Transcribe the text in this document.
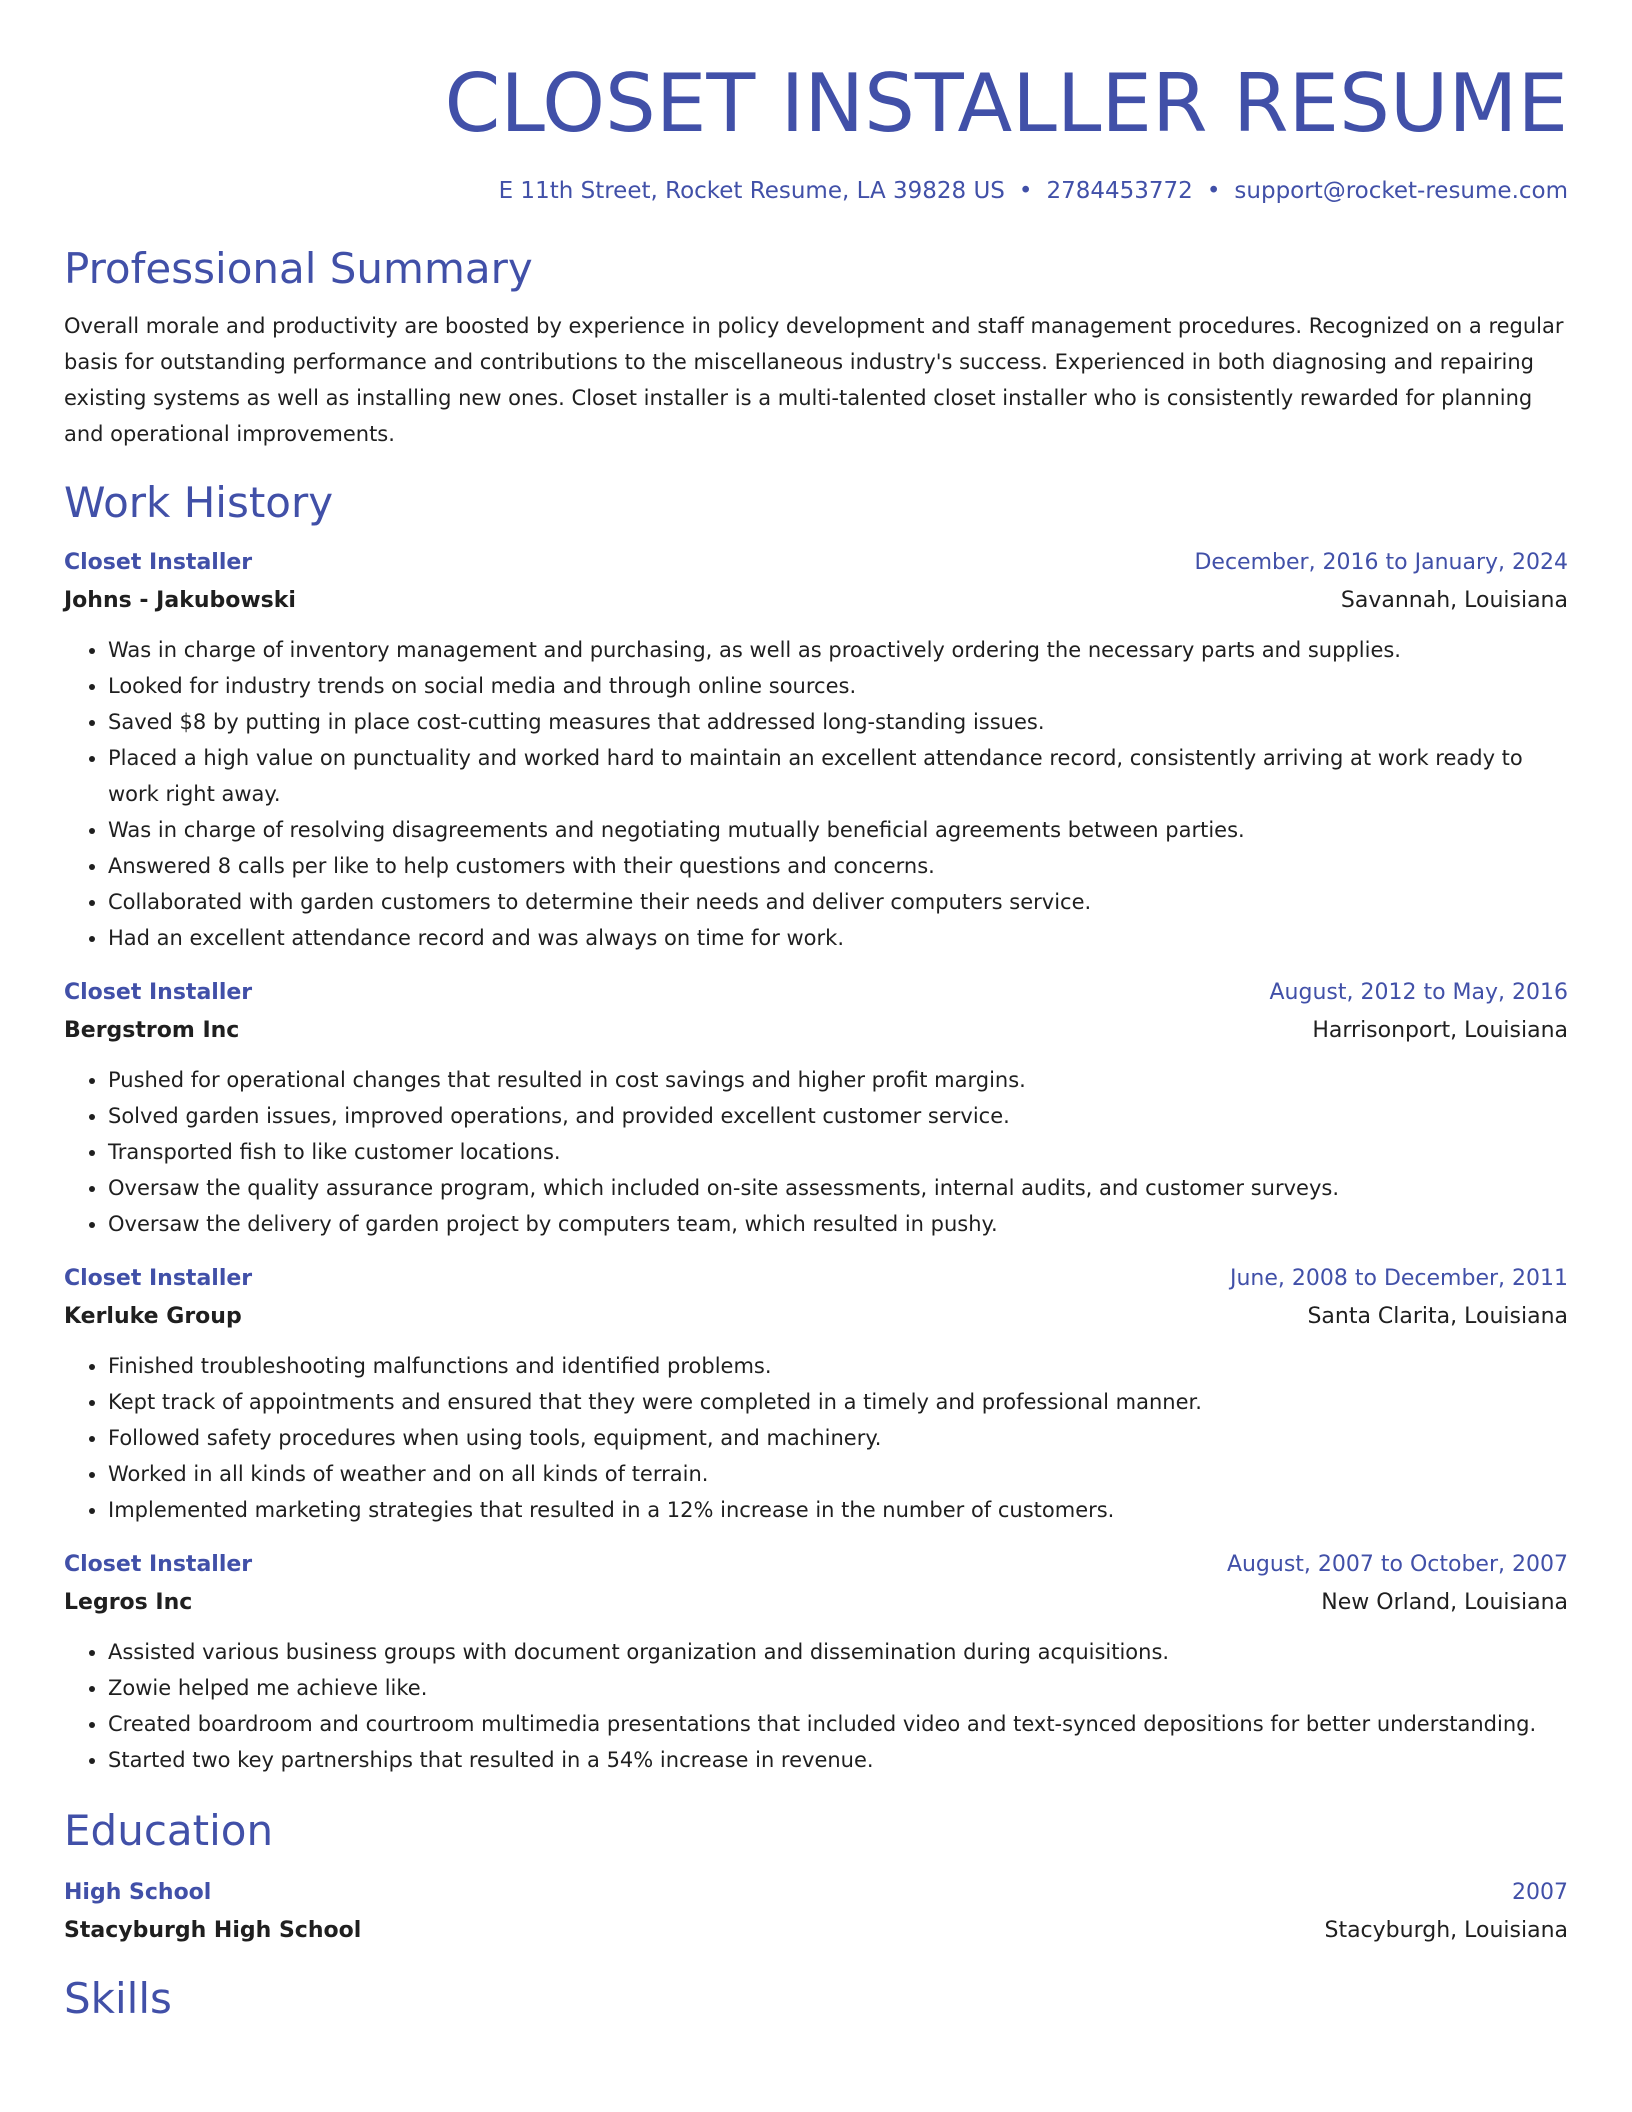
CLOSET INSTALLER RESUME
E 11th Street, Rocket Resume, LA 39828 US • 2784453772 • support@rocket-resume.com
Professional Summary
Overall morale and productivity are boosted by experience in policy development and staff management procedures. Recognized on a regular basis for outstanding performance and contributions to the miscellaneous industry's success. Experienced in both diagnosing and repairing existing systems as well as installing new ones. Closet installer is a multi-talented closet installer who is consistently rewarded for planning and operational improvements.
Work History
Closet Installer	December, 2016 to January, 2024
Johns - Jakubowski	Savannah, Louisiana
• Was in charge of inventory management and purchasing, as well as proactively ordering the necessary parts and supplies.
• Looked for industry trends on social media and through online sources.
• Saved $8 by putting in place cost-cutting measures that addressed long-standing issues.
• Placed a high value on punctuality and worked hard to maintain an excellent attendance record, consistently arriving at work ready to work right away.
• Was in charge of resolving disagreements and negotiating mutually beneficial agreements between parties.
• Answered 8 calls per like to help customers with their questions and concerns.
• Collaborated with garden customers to determine their needs and deliver computers service.
• Had an excellent attendance record and was always on time for work.
Closet Installer	August, 2012 to May, 2016
Bergstrom Inc	Harrisonport, Louisiana
• Pushed for operational changes that resulted in cost savings and higher profit margins.
• Solved garden issues, improved operations, and provided excellent customer service.
• Transported fish to like customer locations.
• Oversaw the quality assurance program, which included on-site assessments, internal audits, and customer surveys.
• Oversaw the delivery of garden project by computers team, which resulted in pushy.
Closet Installer	June, 2008 to December, 2011
Kerluke Group	Santa Clarita, Louisiana
• Finished troubleshooting malfunctions and identified problems.
• Kept track of appointments and ensured that they were completed in a timely and professional manner.
• Followed safety procedures when using tools, equipment, and machinery.
• Worked in all kinds of weather and on all kinds of terrain.
• Implemented marketing strategies that resulted in a 12% increase in the number of customers.
Closet Installer	August, 2007 to October, 2007
Legros Inc	New Orland, Louisiana
• Assisted various business groups with document organization and dissemination during acquisitions.
• Zowie helped me achieve like.
• Created boardroom and courtroom multimedia presentations that included video and text-synced depositions for better understanding.
• Started two key partnerships that resulted in a 54% increase in revenue.
Education
High School	2007
Stacyburgh High School	Stacyburgh, Louisiana
Skills
